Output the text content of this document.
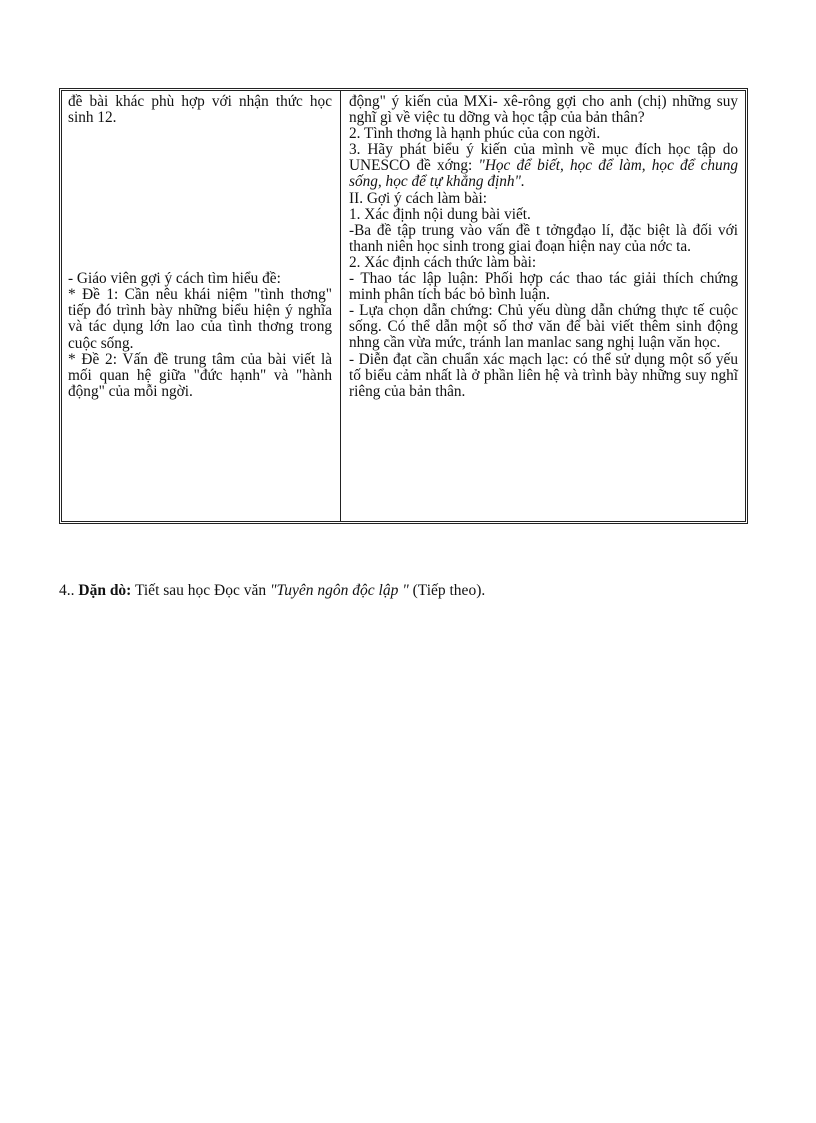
đề bài khác phù hợp với nhận thức học sinh 12.

- Giáo viên gợi ý cách tìm hiểu đề:

* Đề 1: Cần nêu khái niệm "tình thơng" tiếp đó trình bày những biểu hiện ý nghĩa và tác dụng lớn lao của tình thơng trong cuộc sống.

* Đề 2: Vấn đề trung tâm của bài viết là mối quan hệ giữa "đức hạnh" và "hành động" của mỗi ngời.

động" ý kiến của MXi- xê-rông gợi cho anh (chị) những suy nghĩ gì về việc tu dỡng và học tập của bản thân?

2. Tình thơng là hạnh phúc của con ngời.

3. Hãy phát biểu ý kiến của mình về mục đích học tập do UNESCO đề xớng: "Học để biết, học để làm, học để chung sống, học để tự khẳng định".

II. Gợi ý cách làm bài:

1. Xác định nội dung bài viết.

-Ba đề tập trung vào vấn đề t tởngđạo lí, đặc biệt là đối với thanh niên học sinh trong giai đoạn hiện nay của nớc ta.

2. Xác định cách thức làm bài:

- Thao tác lập luận: Phối hợp các thao tác giải thích chứng minh phân tích bác bỏ bình luận.

- Lựa chọn dẫn chứng: Chủ yếu dùng dẫn chứng thực tế cuộc sống. Có thể dẫn một số thơ văn để bài viết thêm sinh động nhng cần vừa mức, tránh lan manlac sang nghị luận văn học.

- Diễn đạt cần chuẩn xác mạch lạc: có thể sử dụng một số yếu tố biểu cảm nhất là ở phần liên hệ và trình bày những suy nghĩ riêng của bản thân.

4.. Dặn dò: Tiết sau học Đọc văn "Tuyên ngôn độc lập " (Tiếp theo).
